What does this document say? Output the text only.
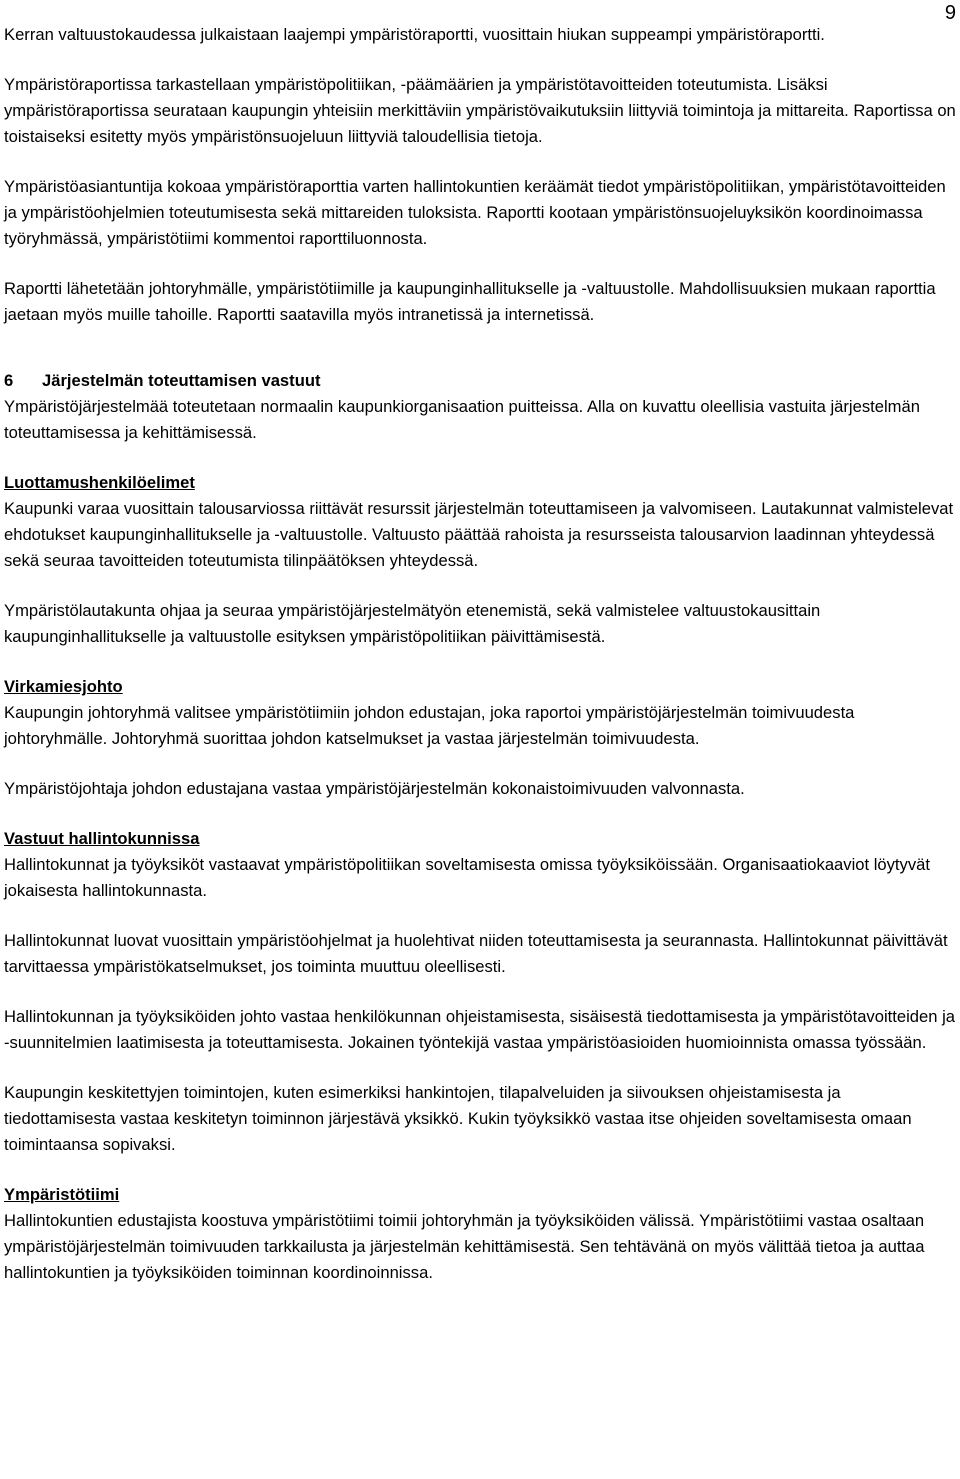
9

Kerran valtuustokaudessa julkaistaan laajempi ympäristöraportti, vuosittain hiukan suppeampi ympäristöraportti.

Ympäristöraportissa tarkastellaan ympäristöpolitiikan, -päämäärien ja ympäristötavoitteiden toteutumista. Lisäksi ympäristöraportissa seurataan kaupungin yhteisiin merkittäviin ympäristövaikutuksiin liittyviä toimintoja ja mittareita. Raportissa on toistaiseksi esitetty myös ympäristönsuojeluun liittyviä taloudellisia tietoja.

Ympäristöasiantuntija kokoaa ympäristöraporttia varten hallintokuntien keräämät tiedot ympäristöpolitiikan, ympäristötavoitteiden ja ympäristöohjelmien toteutumisesta sekä mittareiden tuloksista. Raportti kootaan ympäristönsuojeluyksikön koordinoimassa työryhmässä, ympäristötiimi kommentoi raporttiluonnosta.

Raportti lähetetään johtoryhmälle, ympäristötiimille ja kaupunginhallitukselle ja -valtuustolle. Mahdollisuuksien mukaan raporttia jaetaan myös muille tahoille. Raportti saatavilla myös intranetissä ja internetissä.

6 Järjestelmän toteuttamisen vastuut

Ympäristöjärjestelmää toteutetaan normaalin kaupunkiorganisaation puitteissa. Alla on kuvattu oleellisia vastuita järjestelmän toteuttamisessa ja kehittämisessä.

Luottamushenkilöelimet
Kaupunki varaa vuosittain talousarviossa riittävät resurssit järjestelmän toteuttamiseen ja valvomiseen. Lautakunnat valmistelevat ehdotukset kaupunginhallitukselle ja -valtuustolle. Valtuusto päättää rahoista ja resursseista talousarvion laadinnan yhteydessä sekä seuraa tavoitteiden toteutumista tilinpäätöksen yhteydessä.

Ympäristölautakunta ohjaa ja seuraa ympäristöjärjestelmätyön etenemistä, sekä valmistelee valtuustokausittain kaupunginhallitukselle ja valtuustolle esityksen ympäristöpolitiikan päivittämisestä.

Virkamiesjohto
Kaupungin johtoryhmä valitsee ympäristötiimiin johdon edustajan, joka raportoi ympäristöjärjestelmän toimivuudesta johtoryhmälle. Johtoryhmä suorittaa johdon katselmukset ja vastaa järjestelmän toimivuudesta.

Ympäristöjohtaja johdon edustajana vastaa ympäristöjärjestelmän kokonaistoimivuuden valvonnasta.

Vastuut hallintokunnissa
Hallintokunnat ja työyksiköt vastaavat ympäristöpolitiikan soveltamisesta omissa työyksiköissään. Organisaatiokaaviot löytyvät jokaisesta hallintokunnasta.

Hallintokunnat luovat vuosittain ympäristöohjelmat ja huolehtivat niiden toteuttamisesta ja seurannasta. Hallintokunnat päivittävät tarvittaessa ympäristökatselmukset, jos toiminta muuttuu oleellisesti.

Hallintokunnan ja työyksiköiden johto vastaa henkilökunnan ohjeistamisesta, sisäisestä tiedottamisesta ja ympäristötavoitteiden ja -suunnitelmien laatimisesta ja toteuttamisesta. Jokainen työntekijä vastaa ympäristöasioiden huomioinnista omassa työssään.

Kaupungin keskitettyjen toimintojen, kuten esimerkiksi hankintojen, tilapalveluiden ja siivouksen ohjeistamisesta ja tiedottamisesta vastaa keskitetyn toiminnon järjestävä yksikkö. Kukin työyksikkö vastaa itse ohjeiden soveltamisesta omaan toimintaansa sopivaksi.

Ympäristötiimi
Hallintokuntien edustajista koostuva ympäristötiimi toimii johtoryhmän ja työyksiköiden välissä. Ympäristötiimi vastaa osaltaan ympäristöjärjestelmän toimivuuden tarkkailusta ja järjestelmän kehittämisestä. Sen tehtävänä on myös välittää tietoa ja auttaa hallintokuntien ja työyksiköiden toiminnan koordinoinnissa.
